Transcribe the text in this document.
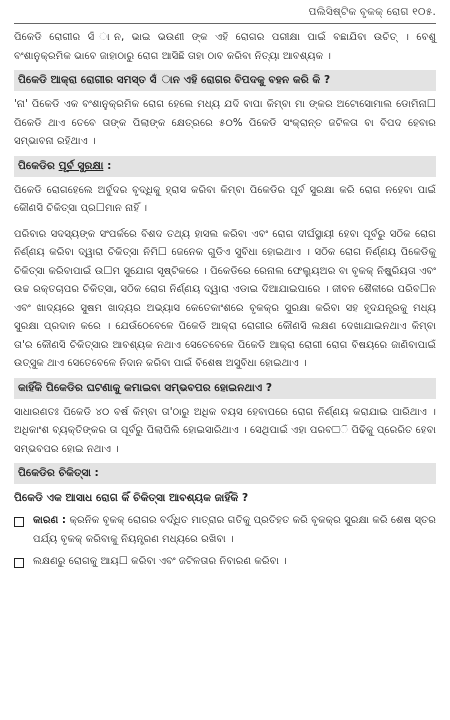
ପଲିସିଷ୍ଟିକ ବୃକକ୍ ରୋଗ ୧୦୫.

ପିକେଡି ରୋଗୀର ସଁ ାନ, ଭାଇ ଭଉଣୀ ଙ୍କ ଏହି ରୋଗର ପରୀକ୍ଷା ପାଇଁ ବଛାଯିବା ଉଚିତ୍ । ବେଶୁ ବଂଶାନୁକ୍ରମିକ ଭାବେ ଜାହାଠାରୁ ରୋଗ ଆସିଛି ତାହା ଠାବ କରିବା ନିତ୍ୟା ଆବଶ୍ୟକ ।

ପିକେଡି ଆକ୍ରା ରୋଗୀର ସମସ୍ତ ସଁ ାନ ଏହି ରୋଗର ବିପଦକୁ ବହନ କରି କି ?

'ନା' ପିକେଡି ଏକ ବଂଶାନୁକ୍ରମିକ ରୋଗ ହେଲେ ମଧ୍ୟ ଯଦି ବାପା କିମ୍ବା ମା ଙ୍କର ଅଟୋସୋମାଲ ଡୋମିନା☐ ପିକେଡି ଥାଏ ତେବେ ତାଙ୍କ ପିଲାଙ୍କ କ୍ଷେତ୍ରରେ ୫୦% ପିକେଡି ସଂକ୍ରାନ୍ତ ଜଟିଳତା ବା ବିପଦ ହେବାର ସମ୍ଭାବନା ରହିଥାଏ ।

ପିକେଡିର ପୂର୍ବ ସୁରକ୍ଷା :

ପିକେଡି ରୋଗହେଲେ ଅର୍ବୁଦର ବୃଦ୍ଧିକୁ ହ୍ରାସ କରିବା କିମ୍ବା ପିକେଡିର ପୂର୍ବ ସୁରକ୍ଷା କରି ରୋଗ ନହେବା ପାଇଁ କୌଣସି ଚିକିତ୍ସା ପ୍ର☐ମାନ ନାହିଁ ।

ପରିବାର ସଦସ୍ୟଙ୍କ ସଂପର୍କରେ ବିଶଦ ତଥ୍ୟ ହାସଲ କରିବା ଏବଂ ରୋଗ ଦୀର୍ଘସ୍ଥାୟୀ ହେବା ପୂର୍ବରୁ ସଠିକ ରୋଗ ନିର୍ଣ୍ଣୟ କରିବା ଦ୍ୱାରା ଚିକିତ୍ସା ନିମି☐ ଜେନେକ ଗୁଡିଏ ସୁବିଧା ହୋଇଥାଏ । ସଠିକ ରୋଗ ନିର୍ଣ୍ଣୟ ପିକେଡିକୁ ଚିକିତ୍ସା କରିବାପାଇଁ ଉ☐ମ ସୁଯୋଗ ସୃଷ୍ଟିକରେ । ପିକେଡିରେ ରେନାଲ ଫେଲ୍ୟୁଅର ବା ବୃକକ୍ ନିଷ୍କ୍ରିୟତା ଏବଂ ଉଚ୍ଚ ରକ୍ତଚାପର ଚିକିତ୍ସା, ସଠିକ ରୋଗ ନିର୍ଣ୍ଣୟ ଦ୍ୱାରା ଏଡାଇ ଦିଆଯାଇପାରେ । ଜୀବନ ଶୈଳୀରେ ପରିବ☐ନ ଏବଂ ଖାଦ୍ୟରେ ସୁଷମ ଖାଦ୍ୟର ଅଭ୍ୟାସ କେତେକାଂଶରେ ବୃକକ୍ର ସୁରକ୍ଷା କରିବା ସହ ହୃଦଯନ୍ତ୍ରକୁ ମଧ୍ୟ ସୁରକ୍ଷା ପ୍ରଦାନ କରେ । ଯେଉଁଠେବେଳେ ପିକେଡି ଆକ୍ରା ରୋଗୀର କୌଣସି ଲକ୍ଷଣ ଦେଖାଯାଇନଥାଏ କିମ୍ବା ତା'ର କୌଣସି ଚିକିତ୍ସାର ଆବଶ୍ୟକ ନଥାଏ ସେତେବେଳେ ପିକେଡି ଆକ୍ରା ରୋଗୀ ରୋଗ ବିଷୟରେ ଜାଣିବାପାଇଁ ଉତ୍ସୁକ ଥାଏ ସେତେବେଳେ ନିଦାନ କରିବା ପାଇଁ ବିଶେଷ ଅସୁବିଧା ହୋଇଥାଏ ।

କାହିଁକି ପିକେଡିର ଘଟଣାକୁ କମାଇବା ସମ୍ଭବପର ହୋଇନଥାଏ ?

ସାଧାରଣତଃ ପିକେଡି ୪୦ ବର୍ଷ କିମ୍ବା ତା'ଠାରୁ ଅଧିକ ବୟସ ହେବାପରେ ରୋଗ ନିର୍ଣ୍ଣୟ କରାଯାଇ ପାରିଥାଏ । ଅଧିକାଂଶ ବ୍ୟକ୍ତିଙ୍କର ତା ପୂର୍ବରୁ ପିଲାପିଲି ହୋଇସାରିଥାଏ । ସେଥିପାଇଁ ଏହା ପରବ☐ି ପିଢିକୁ ପ୍ରେରିତ ହେବା ସମ୍ଭବପର ହୋଇ ନଥାଏ ।

ପିକେଡିର ଚିକିତ୍ସା :
ପିକେଡି ଏକ ଆସାଧ ରୋଗ କିଁ ଚିକିତ୍ସା ଆବଶ୍ୟକ ଜାହିଁକି ?
କାରଣ : କ୍ରନିକ ବୃକକ୍ ରୋଗର ବର୍ଦ୍ଧିତ ମାତ୍ରାର ଗତିକୁ ପ୍ରତିହତ କରି ବୃକକ୍ର ସୁରକ୍ଷା କରି ଶେଷ ସ୍ତର ପର୍ଯ୍ୟ ବୃକକ୍ କରିବାକୁ ନିୟନ୍ତ୍ରଣ ମଧ୍ୟରେ ରଖିବା ।
ଲକ୍ଷଣରୁ ରୋଗକୁ ଆୟ☐ କରିବା ଏବଂ ଜଟିଳତାର ନିବାରଣ କରିବା ।
